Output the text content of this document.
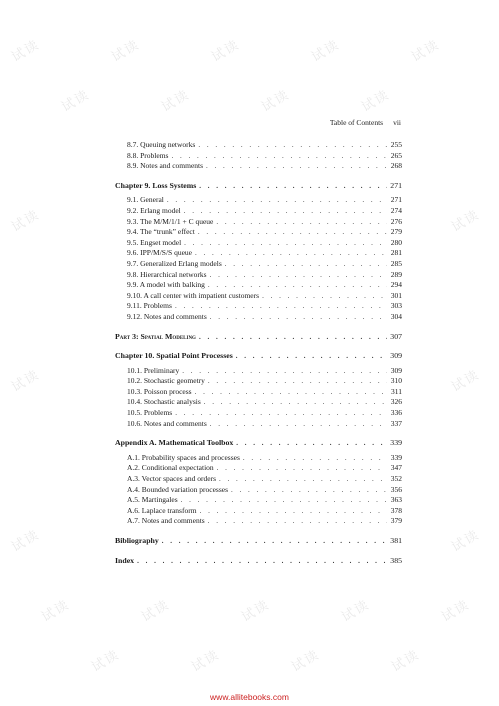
试读	试读	试读	试读	试读
试读	试读	试读	试读
试读	试读
试读	试读
试读	试读
试读	试读	试读	试读	试读
试读	试读	试读	试读
Table of Contents vii
8.7. Queuing networks . . .	255
8.8. Problems . . .	265
8.9. Notes and comments . . .	268
Chapter 9. Loss Systems . . .	271
9.1. General . . .	271
9.2. Erlang model . . .	274
9.3. The M/M/1/1 + C queue . . .	276
9.4. The “trunk” effect . . .	279
9.5. Engset model . . .	280
9.6. IPP/M/S/S queue . . .	281
9.7. Generalized Erlang models . . .	285
9.8. Hierarchical networks . . .	289
9.9. A model with balking . . .	294
9.10. A call center with impatient customers . . .	301
9.11. Problems . . .	303
9.12. Notes and comments . . .	304
Part 3: Spatial Modeling . . .	307
Chapter 10. Spatial Point Processes . . .	309
10.1. Preliminary . . .	309
10.2. Stochastic geometry . . .	310
10.3. Poisson process . . .	311
10.4. Stochastic analysis . . .	326
10.5. Problems . . .	336
10.6. Notes and comments . . .	337
Appendix A. Mathematical Toolbox . . .	339
A.1. Probability spaces and processes . . .	339
A.2. Conditional expectation . . .	347
A.3. Vector spaces and orders . . .	352
A.4. Bounded variation processes . . .	356
A.5. Martingales . . .	363
A.6. Laplace transform . . .	378
A.7. Notes and comments . . .	379
Bibliography . . .	381
Index . . .	385
www.allitebooks.com
